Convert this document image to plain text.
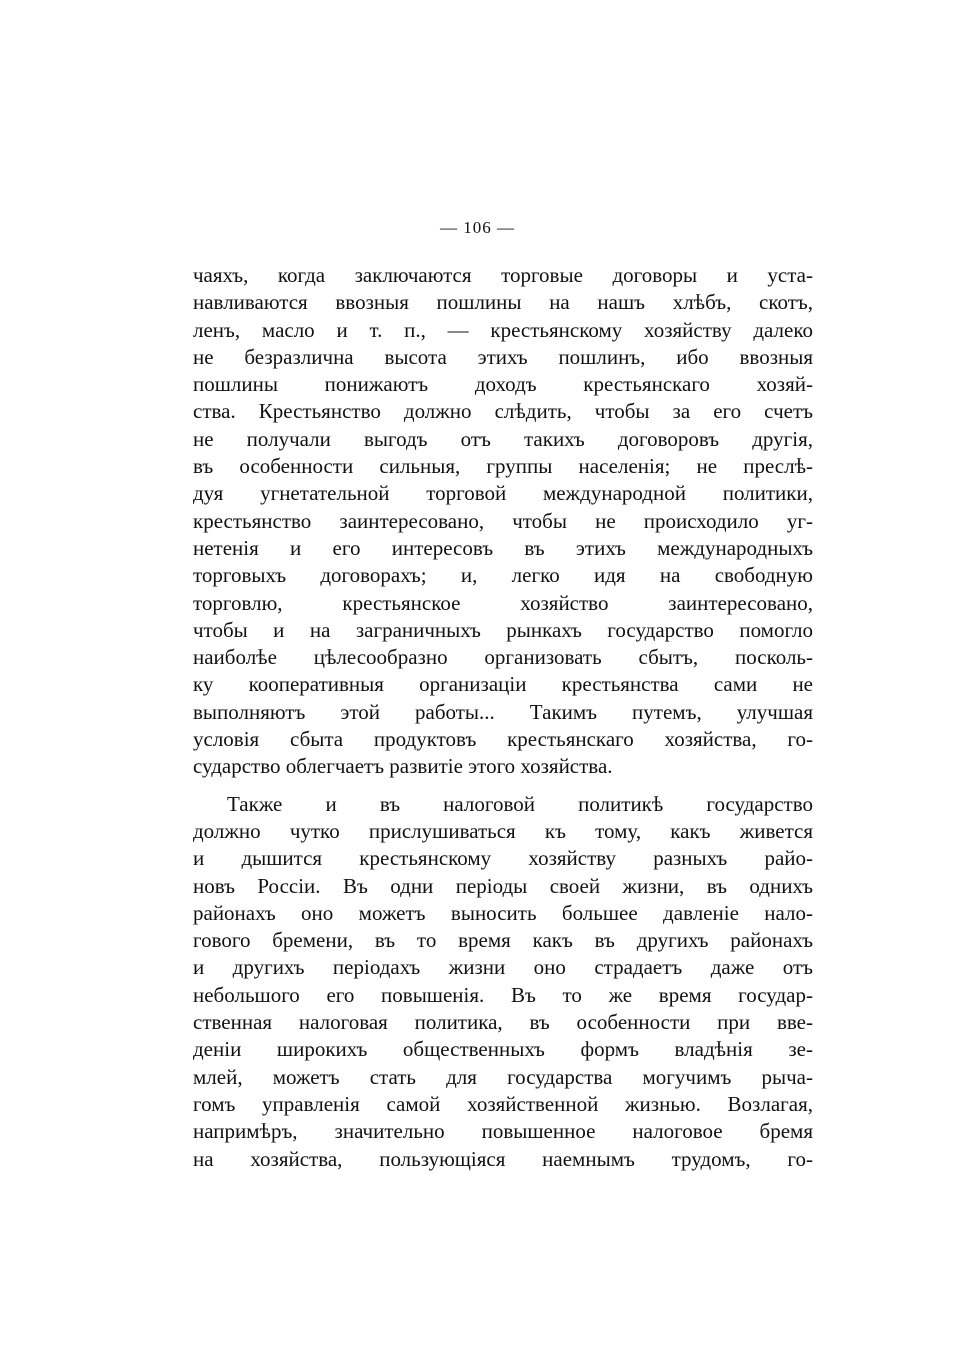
— 106 —
чаяхъ, когда заключаются торговые договоры и уста-
навливаются ввозныя пошлины на нашъ хлѣбъ, скотъ,
ленъ, масло и т. п., — крестьянскому хозяйству далеко
не безразлична высота этихъ пошлинъ, ибо ввозныя
пошлины понижаютъ доходъ крестьянскаго хозяй-
ства. Крестьянство должно слѣдить, чтобы за его счетъ
не получали выгодъ отъ такихъ договоровъ другія,
въ особенности сильныя, группы населенія; не преслѣ-
дуя угнетательной торговой международной политики,
крестьянство заинтересовано, чтобы не происходило уг-
нетенія и его интересовъ въ этихъ международныхъ
торговыхъ договорахъ; и, легко идя на свободную
торговлю, крестьянское хозяйство заинтересовано,
чтобы и на заграничныхъ рынкахъ государство помогло
наиболѣе цѣлесообразно организовать сбытъ, посколь-
ку кооперативныя организаціи крестьянства сами не
выполняютъ этой работы... Такимъ путемъ, улучшая
условія сбыта продуктовъ крестьянскаго хозяйства, го-
сударство облегчаетъ развитіе этого хозяйства.
Также и въ налоговой политикѣ государство
должно чутко прислушиваться къ тому, какъ живется
и дышится крестьянскому хозяйству разныхъ райо-
новъ Россіи. Въ одни періоды своей жизни, въ однихъ
районахъ оно можетъ выносить большее давленіе нало-
гового бремени, въ то время какъ въ другихъ районахъ
и другихъ періодахъ жизни оно страдаетъ даже отъ
небольшого его повышенія. Въ то же время государ-
ственная налоговая политика, въ особенности при вве-
деніи широкихъ общественныхъ формъ владѣнія зе-
млей, можетъ стать для государства могучимъ рыча-
гомъ управленія самой хозяйственной жизнью. Возлагая,
напримѣръ, значительно повышенное налоговое бремя
на хозяйства, пользующіяся наемнымъ трудомъ, го-
